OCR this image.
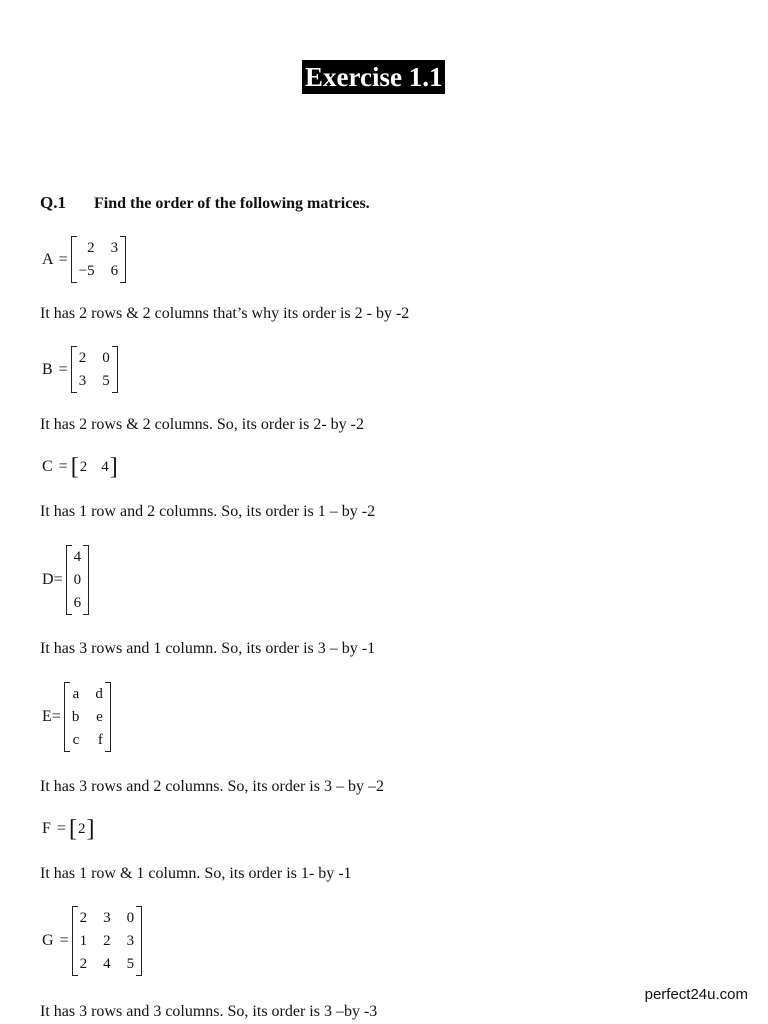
Exercise 1.1
Q.1 Find the order of the following matrices.
A =
2 3
−5 6
It has 2 rows & 2 columns that’s why its order is 2 - by -2
B =
2 0
3 5
It has 2 rows & 2 columns. So, its order is 2- by -2
C = [ 2 4 ]
It has 1 row and 2 columns. So, its order is 1 – by -2
D=
4
0
6
It has 3 rows and 1 column. So, its order is 3 – by -1
E=
a d
b e
c f
It has 3 rows and 2 columns. So, its order is 3 – by –2
F = [ 2 ]
It has 1 row & 1 column. So, its order is 1- by -1
G =
2 3 0
1 2 3
2 4 5
It has 3 rows and 3 columns. So, its order is 3 –by -3
perfect24u.com
